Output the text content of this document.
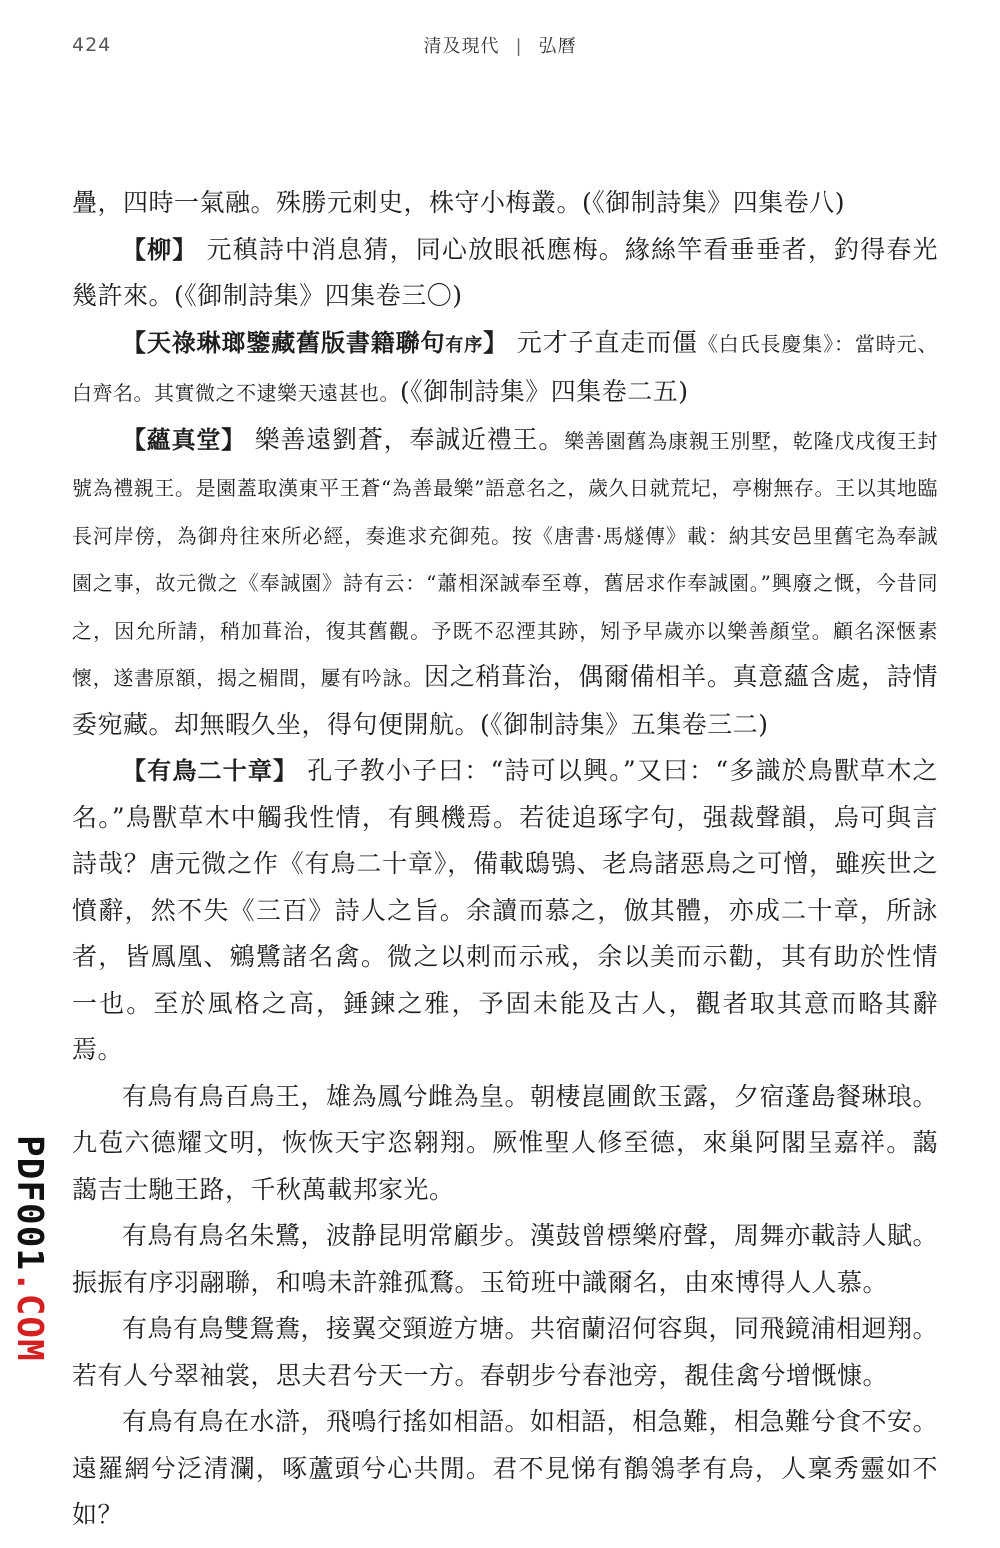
424	清及現代 | 弘曆

疊，四時一氣融。殊勝元刺史，株守小梅叢。(《御制詩集》四集卷八)

【柳】 元稹詩中消息猜，同心放眼祇應梅。緣絲竿看垂垂者，釣得春光幾許來。(《御制詩集》四集卷三〇)

【天祿琳瑯鑒藏舊版書籍聯句有序】 元才子直走而僵《白氏長慶集》：當時元、白齊名。其實微之不逮樂天遠甚也。(《御制詩集》四集卷二五)

【蘊真堂】 樂善遠劉蒼，奉誠近禮王。樂善園舊為康親王別墅，乾隆戊戌復王封號為禮親王。是園蓋取漢東平王蒼“為善最樂”語意名之，歲久日就荒圮，亭榭無存。王以其地臨長河岸傍，為御舟往來所必經，奏進求充御苑。按《唐書·馬燧傳》載：納其安邑里舊宅為奉誠園之事，故元微之《奉誠園》詩有云：“蕭相深誠奉至尊，舊居求作奉誠園。”興廢之慨，今昔同之，因允所請，稍加葺治，復其舊觀。予既不忍湮其跡，矧予早歲亦以樂善顏堂。顧名深愜素懷，遂書原額，揭之楣間，屢有吟詠。因之稍葺治，偶爾備相羊。真意蘊含處，詩情委宛藏。却無暇久坐，得句便開航。(《御制詩集》五集卷三二)

【有鳥二十章】 孔子教小子曰：“詩可以興。”又曰：“多識於鳥獸草木之名。”鳥獸草木中觸我性情，有興機焉。若徒追琢字句，强裁聲韻，烏可與言詩哉？唐元微之作《有鳥二十章》，備載鴟鴞、老烏諸惡鳥之可憎，雖疾世之憤辭，然不失《三百》詩人之旨。余讀而慕之，倣其體，亦成二十章，所詠者，皆鳳凰、鵷鷺諸名禽。微之以刺而示戒，余以美而示勸，其有助於性情一也。至於風格之高，錘鍊之雅，予固未能及古人，觀者取其意而略其辭焉。

有鳥有鳥百鳥王，雄為鳳兮雌為皇。朝棲崑圃飲玉露，夕宿蓬島餐琳琅。九苞六德耀文明，恢恢天宇恣翱翔。厥惟聖人修至德，來巢阿閣呈嘉祥。藹藹吉士馳王路，千秋萬載邦家光。

有鳥有鳥名朱鷺，波静昆明常顧步。漢鼓曾標樂府聲，周舞亦載詩人賦。振振有序羽翮聯，和鳴未許雜孤鶩。玉筍班中識爾名，由來博得人人慕。

有鳥有鳥雙鴛鴦，接翼交頸遊方塘。共宿蘭沼何容與，同飛鏡浦相迴翔。若有人兮翠袖裳，思夫君兮天一方。春朝步兮春池旁，覩佳禽兮增慨慷。

有鳥有鳥在水滸，飛鳴行搖如相語。如相語，相急難，相急難兮食不安。遠羅網兮泛清瀾，啄蘆頭兮心共閒。君不見悌有鶺鴒孝有烏，人稟秀靈如不如？

PDF001.COM
